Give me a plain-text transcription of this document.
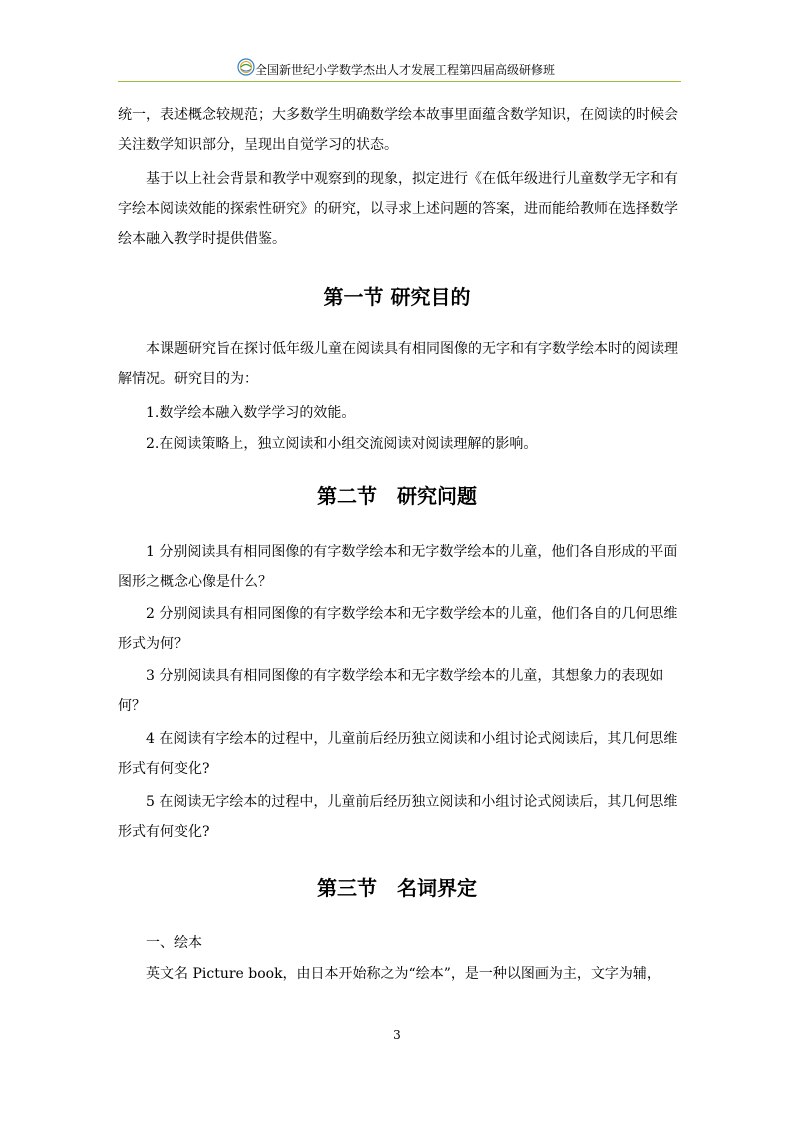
全国新世纪小学数学杰出人才发展工程第四届高级研修班
统一，表述概念较规范；大多数学生明确数学绘本故事里面蕴含数学知识，在阅读的时候会关注数学知识部分，呈现出自觉学习的状态。
基于以上社会背景和教学中观察到的现象，拟定进行《在低年级进行儿童数学无字和有字绘本阅读效能的探索性研究》的研究，以寻求上述问题的答案，进而能给教师在选择数学绘本融入教学时提供借鉴。
第一节 研究目的
本课题研究旨在探讨低年级儿童在阅读具有相同图像的无字和有字数学绘本时的阅读理解情况。研究目的为：
1.数学绘本融入数学学习的效能。
2.在阅读策略上，独立阅读和小组交流阅读对阅读理解的影响。
第二节　研究问题
1 分别阅读具有相同图像的有字数学绘本和无字数学绘本的儿童，他们各自形成的平面图形之概念心像是什么？
2 分别阅读具有相同图像的有字数学绘本和无字数学绘本的儿童，他们各自的几何思维形式为何？
3 分别阅读具有相同图像的有字数学绘本和无字数学绘本的儿童，其想象力的表现如何？
4 在阅读有字绘本的过程中，儿童前后经历独立阅读和小组讨论式阅读后，其几何思维形式有何变化?
5 在阅读无字绘本的过程中，儿童前后经历独立阅读和小组讨论式阅读后，其几何思维形式有何变化?
第三节　名词界定
一、绘本
英文名 Picture book，由日本开始称之为“绘本”，是一种以图画为主，文字为辅，
3
